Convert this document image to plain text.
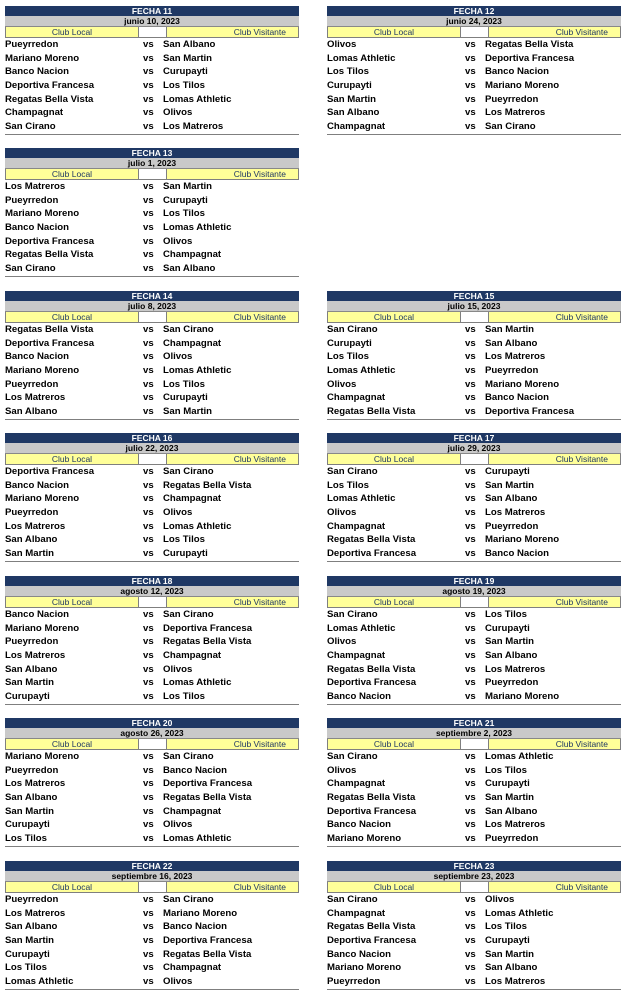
FECHA 11
junio 10, 2023
Club Local	Club Visitante
Pueyrredon	vs San Albano
Mariano Moreno	vs San Martin
Banco Nacion	vs Curupayti
Deportiva Francesa	vs Los Tilos
Regatas Bella Vista	vs Lomas Athletic
Champagnat	vs Olivos
San Cirano	vs Los Matreros
FECHA 12
junio 24, 2023
Club Local	Club Visitante
Olivos	vs Regatas Bella Vista
Lomas Athletic	vs Deportiva Francesa
Los Tilos	vs Banco Nacion
Curupayti	vs Mariano Moreno
San Martin	vs Pueyrredon
San Albano	vs Los Matreros
Champagnat	vs San Cirano
FECHA 13
julio 1, 2023
Club Local	Club Visitante
Los Matreros	vs San Martin
Pueyrredon	vs Curupayti
Mariano Moreno	vs Los Tilos
Banco Nacion	vs Lomas Athletic
Deportiva Francesa	vs Olivos
Regatas Bella Vista	vs Champagnat
San Cirano	vs San Albano
FECHA 14
julio 8, 2023
Club Local	Club Visitante
Regatas Bella Vista	vs San Cirano
Deportiva Francesa	vs Champagnat
Banco Nacion	vs Olivos
Mariano Moreno	vs Lomas Athletic
Pueyrredon	vs Los Tilos
Los Matreros	vs Curupayti
San Albano	vs San Martin
FECHA 15
julio 15, 2023
Club Local	Club Visitante
San Cirano	vs San Martin
Curupayti	vs San Albano
Los Tilos	vs Los Matreros
Lomas Athletic	vs Pueyrredon
Olivos	vs Mariano Moreno
Champagnat	vs Banco Nacion
Regatas Bella Vista	vs Deportiva Francesa
FECHA 16
julio 22, 2023
Club Local	Club Visitante
Deportiva Francesa	vs San Cirano
Banco Nacion	vs Regatas Bella Vista
Mariano Moreno	vs Champagnat
Pueyrredon	vs Olivos
Los Matreros	vs Lomas Athletic
San Albano	vs Los Tilos
San Martin	vs Curupayti
FECHA 17
julio 29, 2023
Club Local	Club Visitante
San Cirano	vs Curupayti
Los Tilos	vs San Martin
Lomas Athletic	vs San Albano
Olivos	vs Los Matreros
Champagnat	vs Pueyrredon
Regatas Bella Vista	vs Mariano Moreno
Deportiva Francesa	vs Banco Nacion
FECHA 18
agosto 12, 2023
Club Local	Club Visitante
Banco Nacion	vs San Cirano
Mariano Moreno	vs Deportiva Francesa
Pueyrredon	vs Regatas Bella Vista
Los Matreros	vs Champagnat
San Albano	vs Olivos
San Martin	vs Lomas Athletic
Curupayti	vs Los Tilos
FECHA 19
agosto 19, 2023
Club Local	Club Visitante
San Cirano	vs Los Tilos
Lomas Athletic	vs Curupayti
Olivos	vs San Martin
Champagnat	vs San Albano
Regatas Bella Vista	vs Los Matreros
Deportiva Francesa	vs Pueyrredon
Banco Nacion	vs Mariano Moreno
FECHA 20
agosto 26, 2023
Club Local	Club Visitante
Mariano Moreno	vs San Cirano
Pueyrredon	vs Banco Nacion
Los Matreros	vs Deportiva Francesa
San Albano	vs Regatas Bella Vista
San Martin	vs Champagnat
Curupayti	vs Olivos
Los Tilos	vs Lomas Athletic
FECHA 21
septiembre 2, 2023
Club Local	Club Visitante
San Cirano	vs Lomas Athletic
Olivos	vs Los Tilos
Champagnat	vs Curupayti
Regatas Bella Vista	vs San Martin
Deportiva Francesa	vs San Albano
Banco Nacion	vs Los Matreros
Mariano Moreno	vs Pueyrredon
FECHA 22
septiembre 16, 2023
Club Local	Club Visitante
Pueyrredon	vs San Cirano
Los Matreros	vs Mariano Moreno
San Albano	vs Banco Nacion
San Martin	vs Deportiva Francesa
Curupayti	vs Regatas Bella Vista
Los Tilos	vs Champagnat
Lomas Athletic	vs Olivos
FECHA 23
septiembre 23, 2023
Club Local	Club Visitante
San Cirano	vs Olivos
Champagnat	vs Lomas Athletic
Regatas Bella Vista	vs Los Tilos
Deportiva Francesa	vs Curupayti
Banco Nacion	vs San Martin
Mariano Moreno	vs San Albano
Pueyrredon	vs Los Matreros
